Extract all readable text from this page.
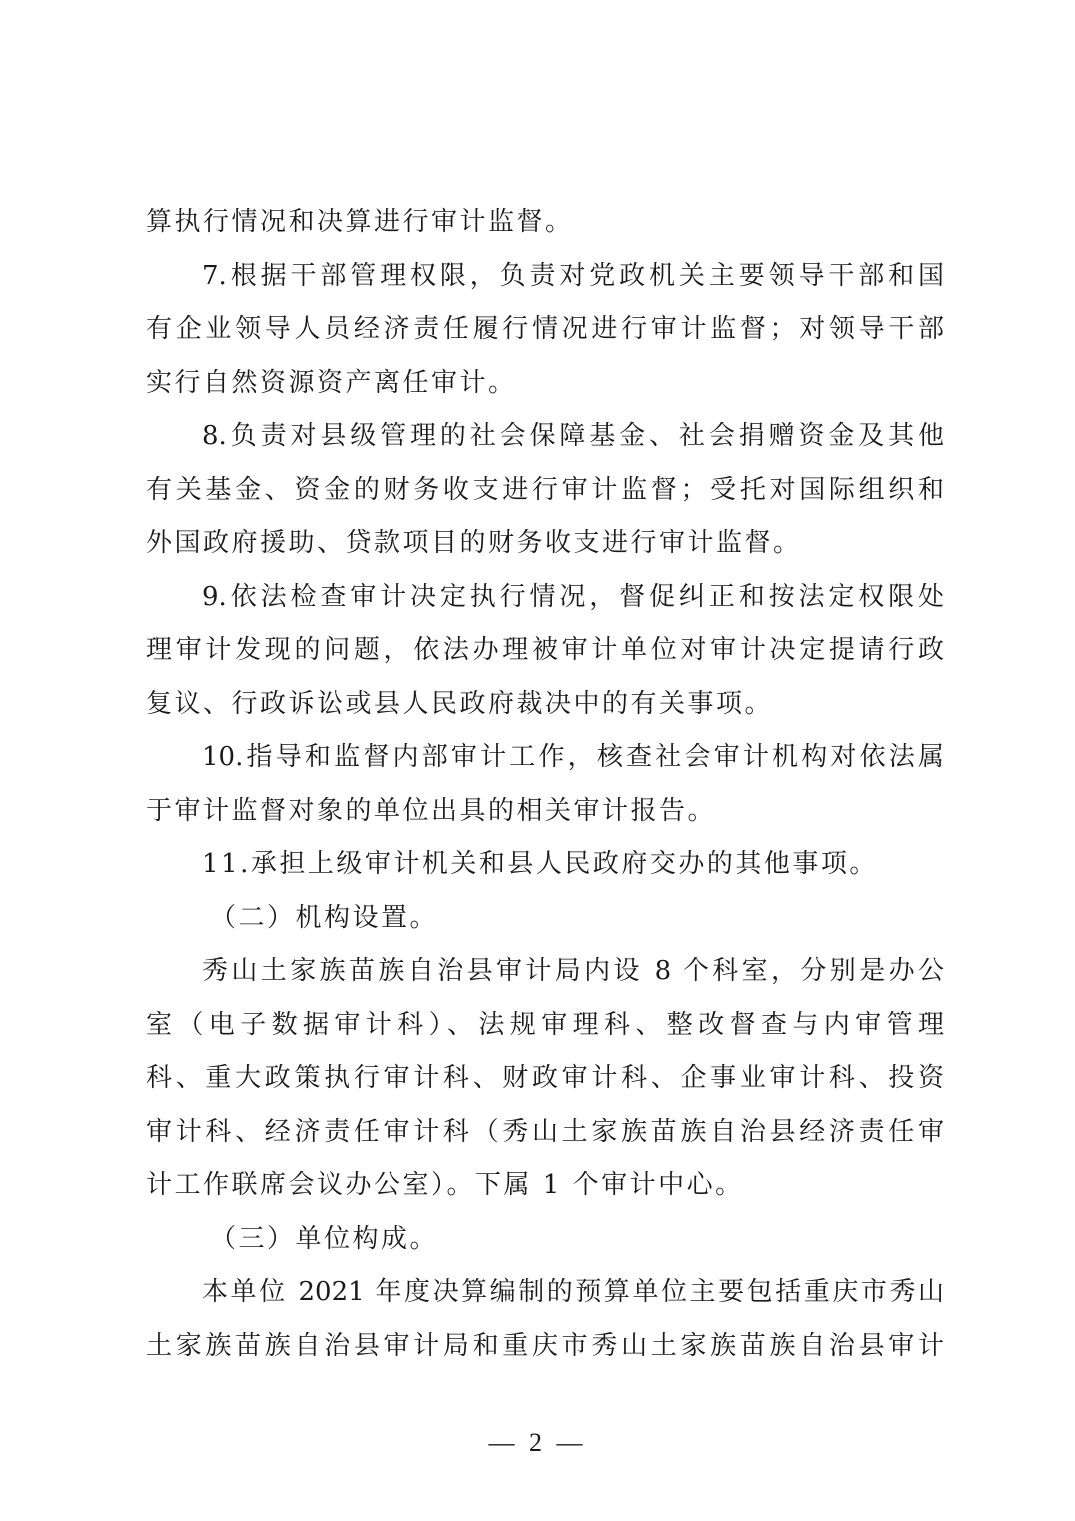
算执行情况和决算进行审计监督。
7.根据干部管理权限，负责对党政机关主要领导干部和国
有企业领导人员经济责任履行情况进行审计监督；对领导干部
实行自然资源资产离任审计。
8.负责对县级管理的社会保障基金、社会捐赠资金及其他
有关基金、资金的财务收支进行审计监督；受托对国际组织和
外国政府援助、贷款项目的财务收支进行审计监督。
9.依法检查审计决定执行情况，督促纠正和按法定权限处
理审计发现的问题，依法办理被审计单位对审计决定提请行政
复议、行政诉讼或县人民政府裁决中的有关事项。
10.指导和监督内部审计工作，核查社会审计机构对依法属
于审计监督对象的单位出具的相关审计报告。
11.承担上级审计机关和县人民政府交办的其他事项。
（二）机构设置。
秀山土家族苗族自治县审计局内设 8 个科室，分别是办公
室（电子数据审计科）、法规审理科、整改督查与内审管理
科、重大政策执行审计科、财政审计科、企事业审计科、投资
审计科、经济责任审计科（秀山土家族苗族自治县经济责任审
计工作联席会议办公室）。下属 1 个审计中心。
（三）单位构成。
本单位 2021 年度决算编制的预算单位主要包括重庆市秀山
土家族苗族自治县审计局和重庆市秀山土家族苗族自治县审计
— 2 —
